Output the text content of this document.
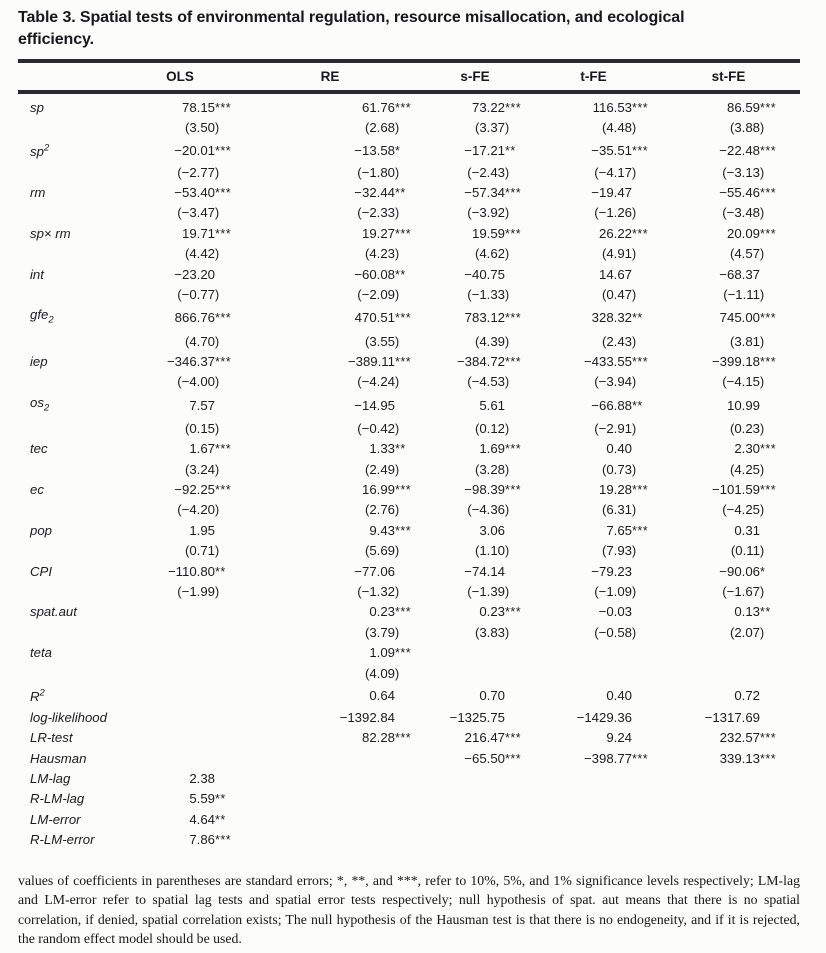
Table 3. Spatial tests of environmental regulation, resource misallocation, and ecological
efficiency.
	OLS	RE	s-FE	t-FE	st-FE
sp	78.15***	61.76***	73.22***	116.53***	86.59***
	(3.50)	(2.68)	(3.37)	(4.48)	(3.88)
$sp^2$	−20.01***	−13.58*	−17.21**	−35.51***	−22.48***
	(−2.77)	(−1.80)	(−2.43)	(−4.17)	(−3.13)
rm	−53.40***	−32.44**	−57.34***	−19.47	−55.46***
	(−3.47)	(−2.33)	(−3.92)	(−1.26)	(−3.48)
sp× rm	19.71***	19.27***	19.59***	26.22***	20.09***
	(4.42)	(4.23)	(4.62)	(4.91)	(4.57)
int	−23.20	−60.08**	−40.75	14.67	−68.37
	(−0.77)	(−2.09)	(−1.33)	(0.47)	(−1.11)
gfe$_2$	866.76***	470.51***	783.12***	328.32**	745.00***
	(4.70)	(3.55)	(4.39)	(2.43)	(3.81)
iep	−346.37***	−389.11***	−384.72***	−433.55***	−399.18***
	(−4.00)	(−4.24)	(−4.53)	(−3.94)	(−4.15)
$os_2$	7.57	−14.95	5.61	−66.88**	10.99
	(0.15)	(−0.42)	(0.12)	(−2.91)	(0.23)
tec	1.67***	1.33**	1.69***	0.40	2.30***
	(3.24)	(2.49)	(3.28)	(0.73)	(4.25)
ec	−92.25***	16.99***	−98.39***	19.28***	−101.59***
	(−4.20)	(2.76)	(−4.36)	(6.31)	(−4.25)
pop	1.95	9.43***	3.06	7.65***	0.31
	(0.71)	(5.69)	(1.10)	(7.93)	(0.11)
CPI	−110.80**	−77.06	−74.14	−79.23	−90.06*
	(−1.99)	(−1.32)	(−1.39)	(−1.09)	(−1.67)
spat.aut		0.23***	0.23***	−0.03	0.13**
		(3.79)	(3.83)	(−0.58)	(2.07)
teta		1.09***			
		(4.09)			
$R^2$		0.64	0.70	0.40	0.72
log-likelihood		−1392.84	−1325.75	−1429.36	−1317.69
LR-test		82.28***	216.47***	9.24	232.57***
Hausman			−65.50***	−398.77***	339.13***
LM-lag	2.38				
R-LM-lag	5.59**				
LM-error	4.64**				
R-LM-error	7.86***				

values of coefficients in parentheses are standard errors; *, **, and ***, refer to 10%, 5%, and 1% significance levels respectively; LM-lag and LM-error refer to spatial lag tests and spatial error tests respectively; null hypothesis of spat. aut means that there is no spatial correlation, if denied, spatial correlation exists; The null hypothesis of the Hausman test is that there is no endogeneity, and if it is rejected, the random effect model should be used.
